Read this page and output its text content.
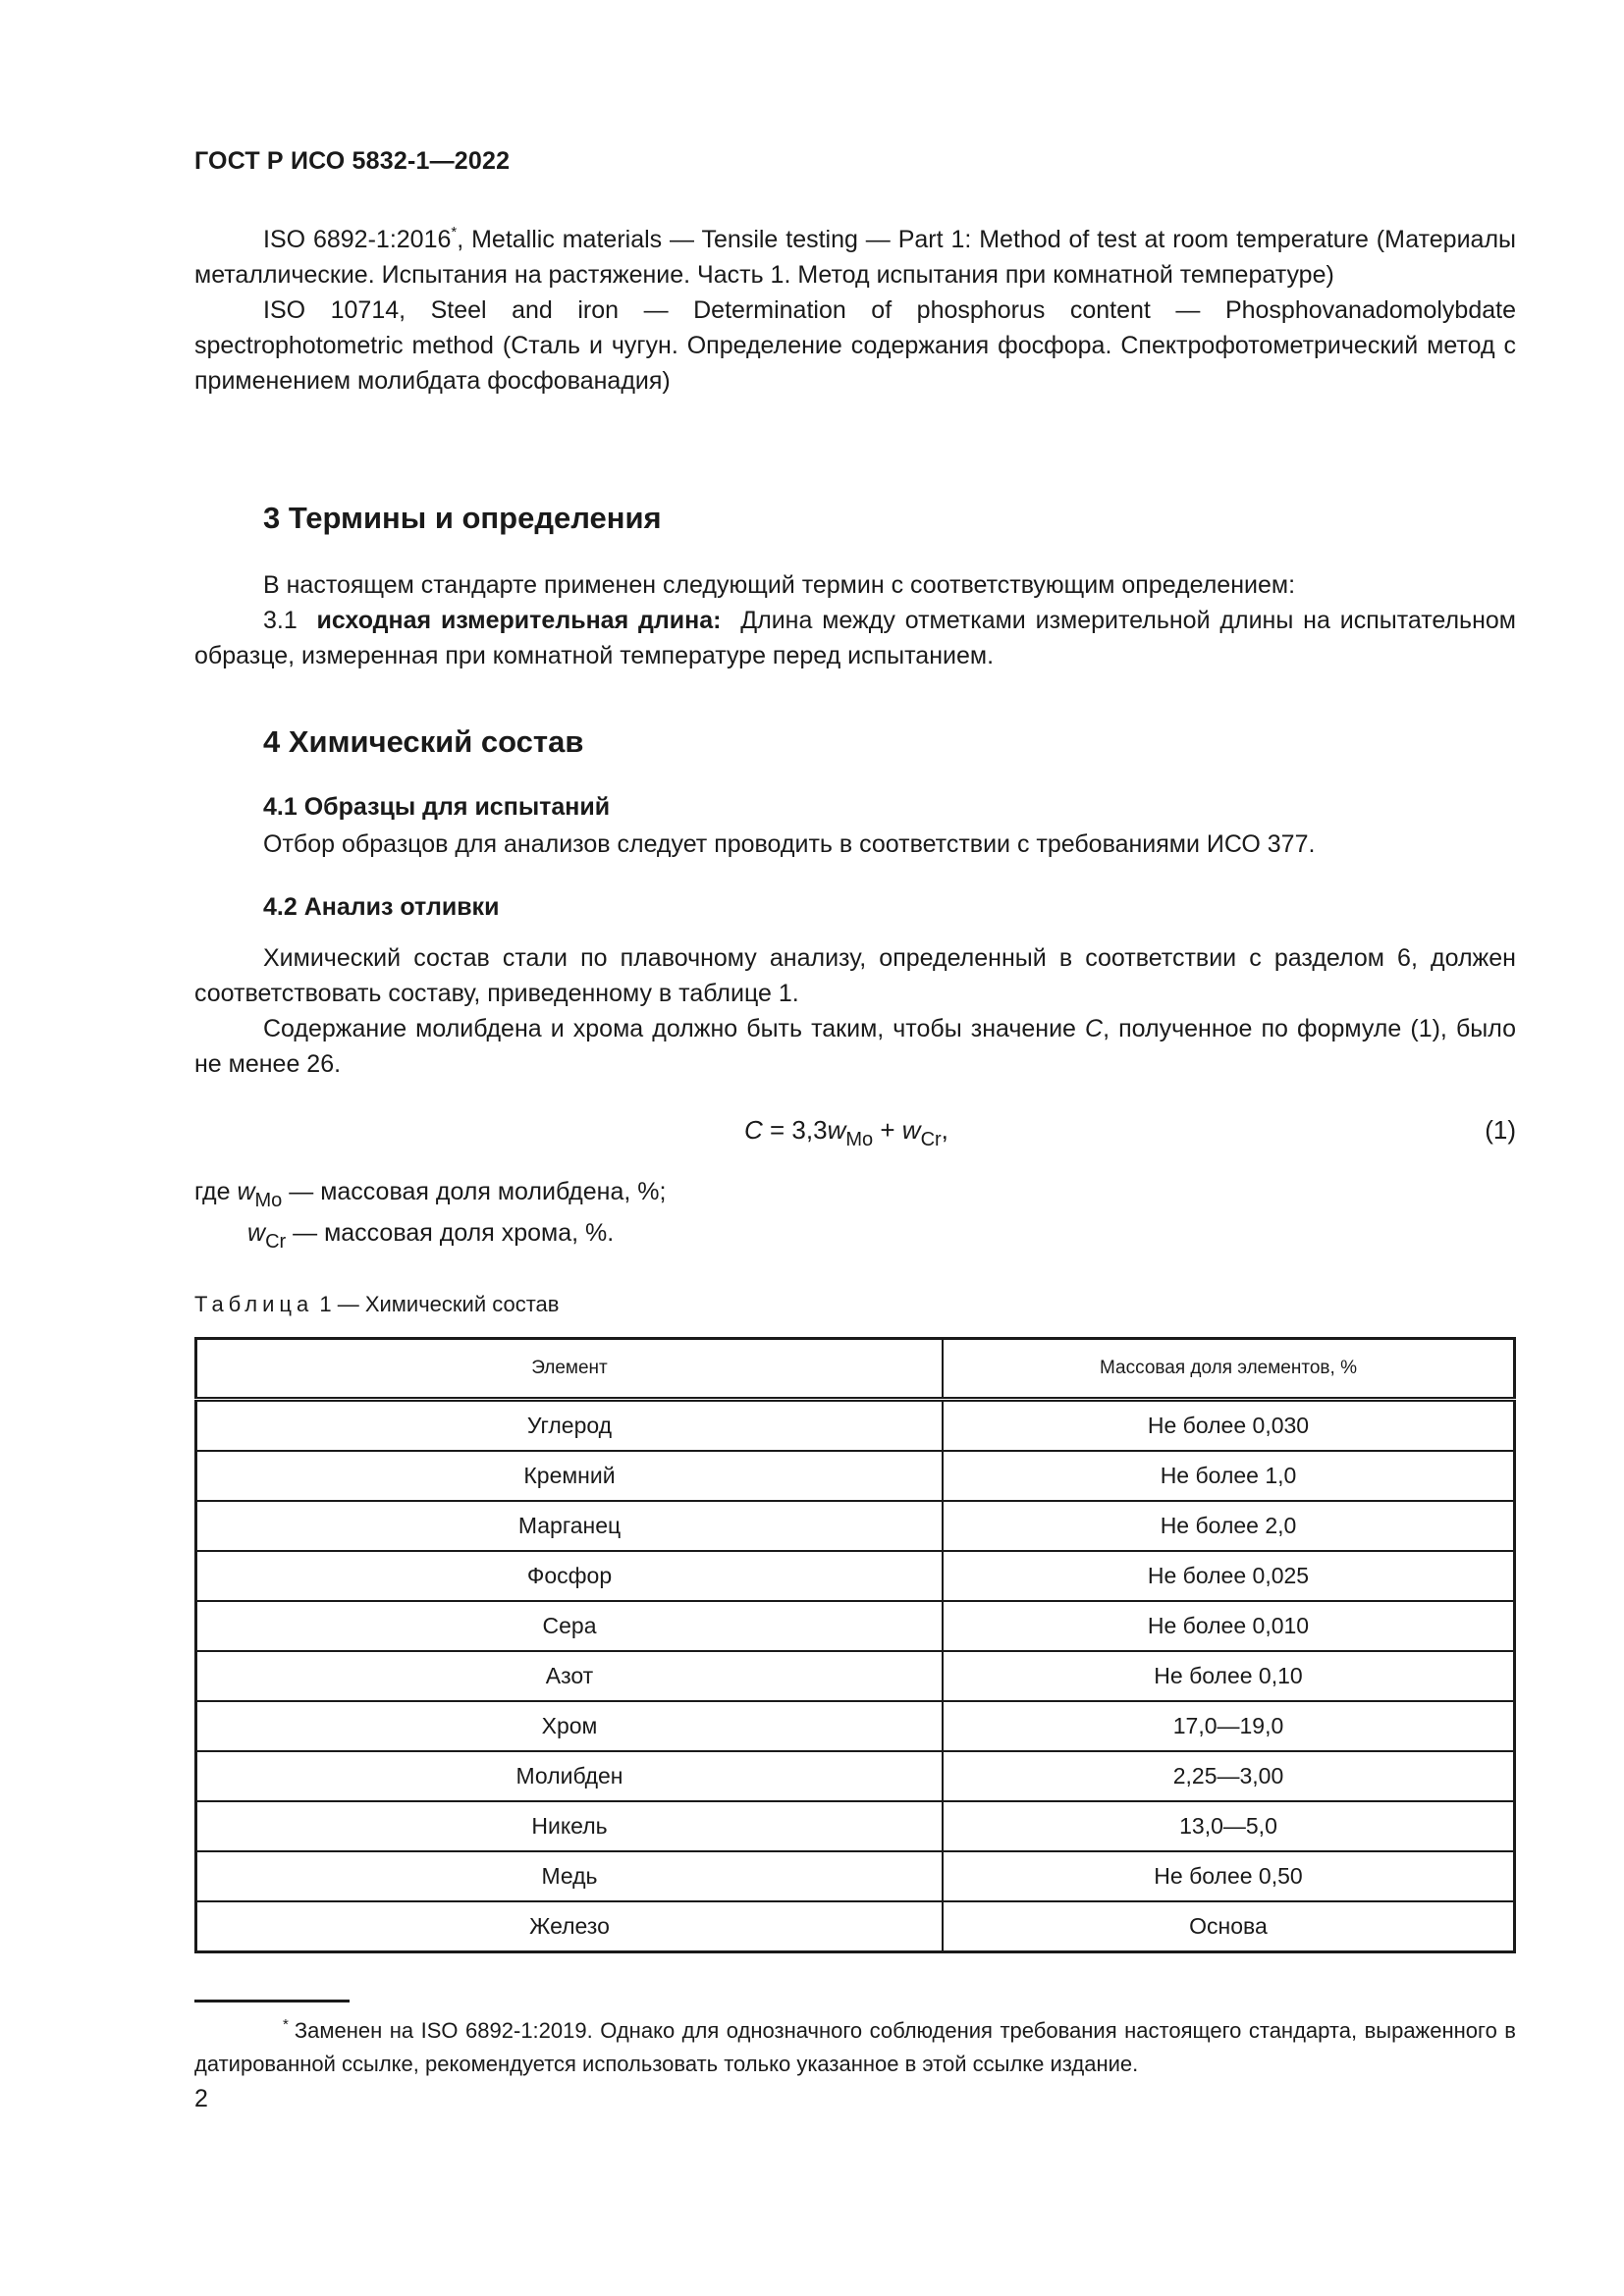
ГОСТ Р ИСО 5832-1—2022

ISO 6892-1:2016*, Metallic materials — Tensile testing — Part 1: Method of test at room temperature (Материалы металлические. Испытания на растяжение. Часть 1. Метод испытания при комнатной температуре)

ISO 10714, Steel and iron — Determination of phosphorus content — Phosphovanadomolybdate spectrophotometric method (Сталь и чугун. Определение содержания фосфора. Спектрофотометрический метод с применением молибдата фосфованадия)

3 Термины и определения

В настоящем стандарте применен следующий термин с соответствующим определением:

3.1 исходная измерительная длина: Длина между отметками измерительной длины на испытательном образце, измеренная при комнатной температуре перед испытанием.

4 Химический состав
4.1 Образцы для испытаний

Отбор образцов для анализов следует проводить в соответствии с требованиями ИСО 377.

4.2 Анализ отливки

Химический состав стали по плавочному анализу, определенный в соответствии с разделом 6, должен соответствовать составу, приведенному в таблице 1.

Содержание молибдена и хрома должно быть таким, чтобы значение C, полученное по формуле (1), было не менее 26.

$C = 3,3w_{Mo} + w_{Cr}$,	(1)
где $w_{Mo}$ — массовая доля молибдена, %;
$w_{Cr}$ — массовая доля хрома, %.
Таблица 1 — Химический состав
Элемент	Массовая доля элементов, %
Углерод	Не более 0,030
Кремний	Не более 1,0
Марганец	Не более 2,0
Фосфор	Не более 0,025
Сера	Не более 0,010
Азот	Не более 0,10
Хром	17,0—19,0
Молибден	2,25—3,00
Никель	13,0—5,0
Медь	Не более 0,50
Железо	Основа
* Заменен на ISO 6892-1:2019. Однако для однозначного соблюдения требования настоящего стандарта, выраженного в датированной ссылке, рекомендуется использовать только указанное в этой ссылке издание.
2
